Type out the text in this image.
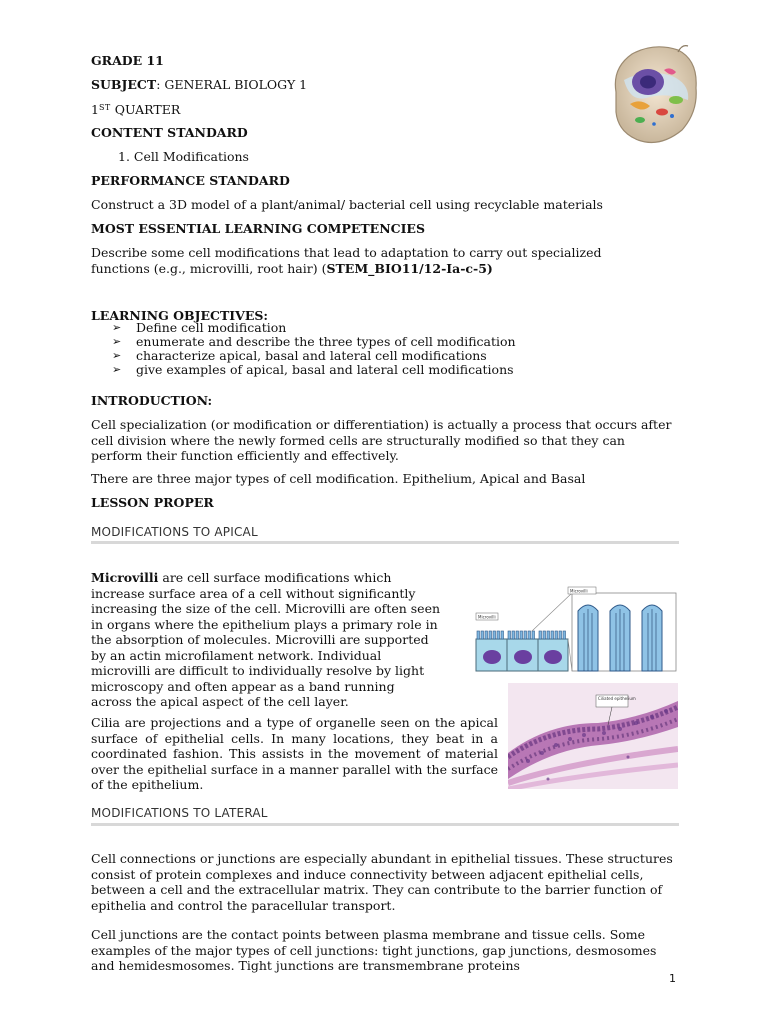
GRADE 11
SUBJECT: GENERAL BIOLOGY 1
1ST QUARTER
CONTENT STANDARD
1. Cell Modifications
PERFORMANCE STANDARD
Construct a 3D model of a plant/animal/ bacterial cell using recyclable materials
MOST ESSENTIAL LEARNING COMPETENCIES
Describe some cell modifications that lead to adaptation to carry out specialized
functions (e.g., microvilli, root hair) (STEM_BIO11/12-Ia-c-5)
LEARNING OBJECTIVES:
➢ Define cell modification
➢ enumerate and describe the three types of cell modification
➢ characterize apical, basal and lateral cell modifications
➢ give examples of apical, basal and lateral cell modifications
INTRODUCTION:
Cell specialization (or modification or differentiation) is actually a process that occurs after cell division where the newly formed cells are structurally modified so that they can perform their function efficiently and effectively.
There are three major types of cell modification. Epithelium, Apical and Basal
LESSON PROPER
MODIFICATIONS TO APICAL
Microvilli are cell surface modifications which
increase surface area of a cell without significantly
increasing the size of the cell. Microvilli are often seen
in organs where the epithelium plays a primary role in
the absorption of molecules. Microvilli are supported
by an actin microfilament network. Individual
microvilli are difficult to individually resolve by light
microscopy and often appear as a band running
across the apical aspect of the cell layer.
Cilia are projections and a type of organelle seen on the apical surface of epithelial cells. In many locations, they beat in a coordinated fashion. This assists in the movement of material over the epithelial surface in a manner parallel with the surface of the epithelium.
MODIFICATIONS TO LATERAL
Cell connections or junctions are especially abundant in epithelial tissues. These structures consist of protein complexes and induce connectivity between adjacent epithelial cells, between a cell and the extracellular matrix. They can contribute to the barrier function of epithelia and control the paracellular transport.
Cell junctions are the contact points between plasma membrane and tissue cells. Some examples of the major types of cell junctions: tight junctions, gap junctions, desmosomes and hemidesmosomes. Tight junctions are transmembrane proteins
1
Microvilli
Microvilli
Ciliated epithelium
